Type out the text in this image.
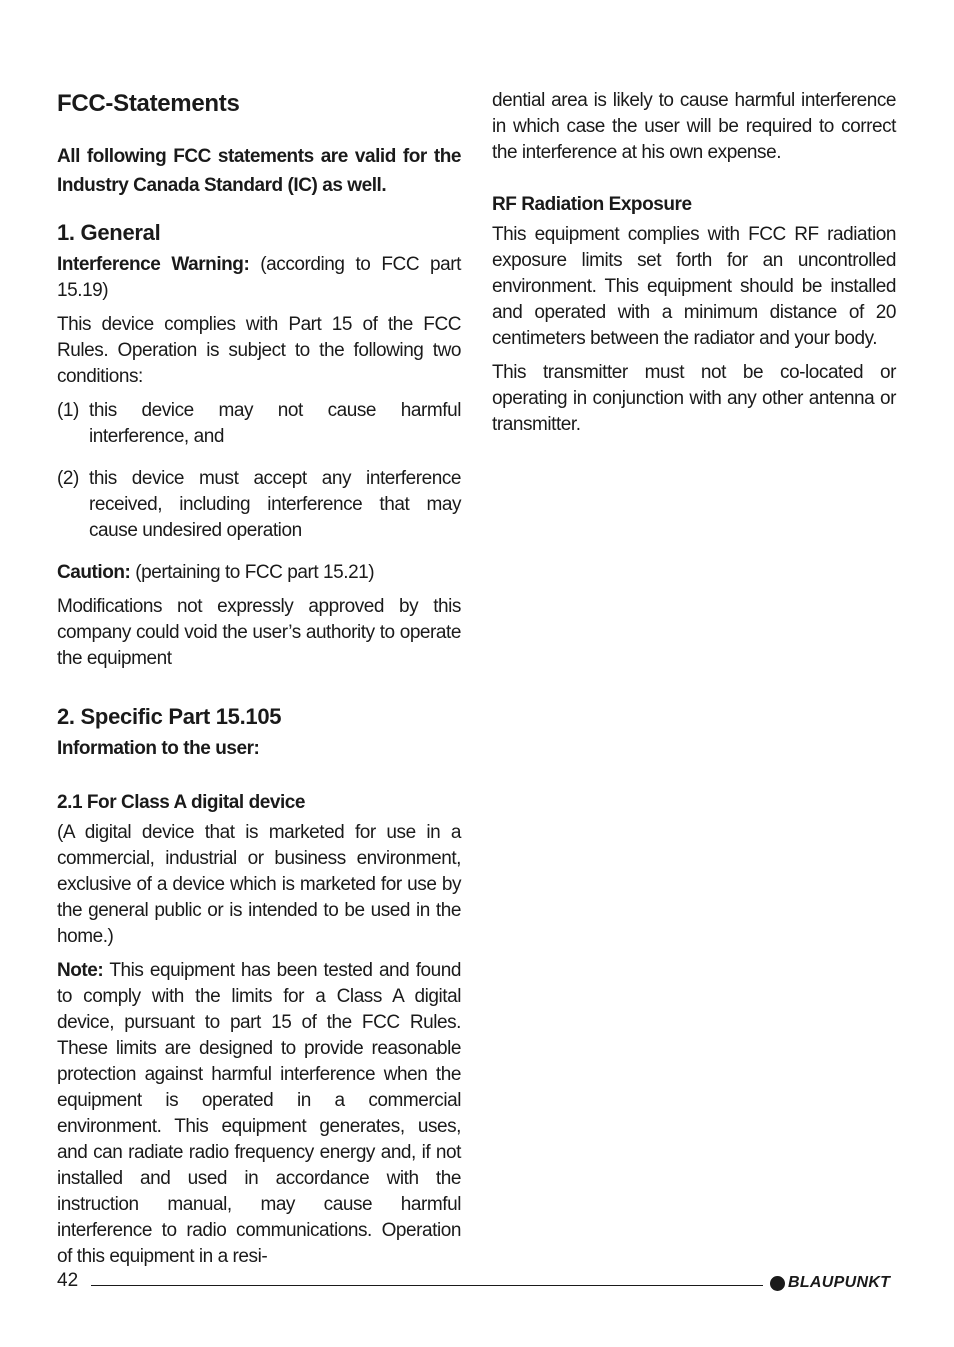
FCC-Statements

All following FCC statements are valid for the Industry Canada Standard (IC) as well.

1. General

Interference Warning: (according to FCC part 15.19)

This device complies with Part 15 of the FCC Rules. Operation is subject to the following two conditions:

(1) this device may not cause harmful interference, and
(2) this device must accept any interference received, including interference that may cause undesired operation

Caution: (pertaining to FCC part 15.21)

Modifications not expressly approved by this company could void the user’s authority to operate the equipment

2. Specific Part 15.105
Information to the user:
2.1 For Class A digital device

(A digital device that is marketed for use in a commercial, industrial or business environment, exclusive of a device which is marketed for use by the general public or is intended to be used in the home.)

Note: This equipment has been tested and found to comply with the limits for a Class A digital device, pursuant to part 15 of the FCC Rules. These limits are designed to provide reasonable protection against harmful interference when the equipment is operated in a commercial environment. This equipment generates, uses, and can radiate radio frequency energy and, if not installed and used in accordance with the instruction manual, may cause harmful interference to radio communications. Operation of this equipment in a resi-

dential area is likely to cause harmful interference in which case the user will be required to correct the interference at his own expense.

RF Radiation Exposure

This equipment complies with FCC RF radiation exposure limits set forth for an uncontrolled environment. This equipment should be installed and operated with a minimum distance of 20 centimeters between the radiator and your body.

This transmitter must not be co-located or operating in conjunction with any other antenna or transmitter.

42	BLAUPUNKT
